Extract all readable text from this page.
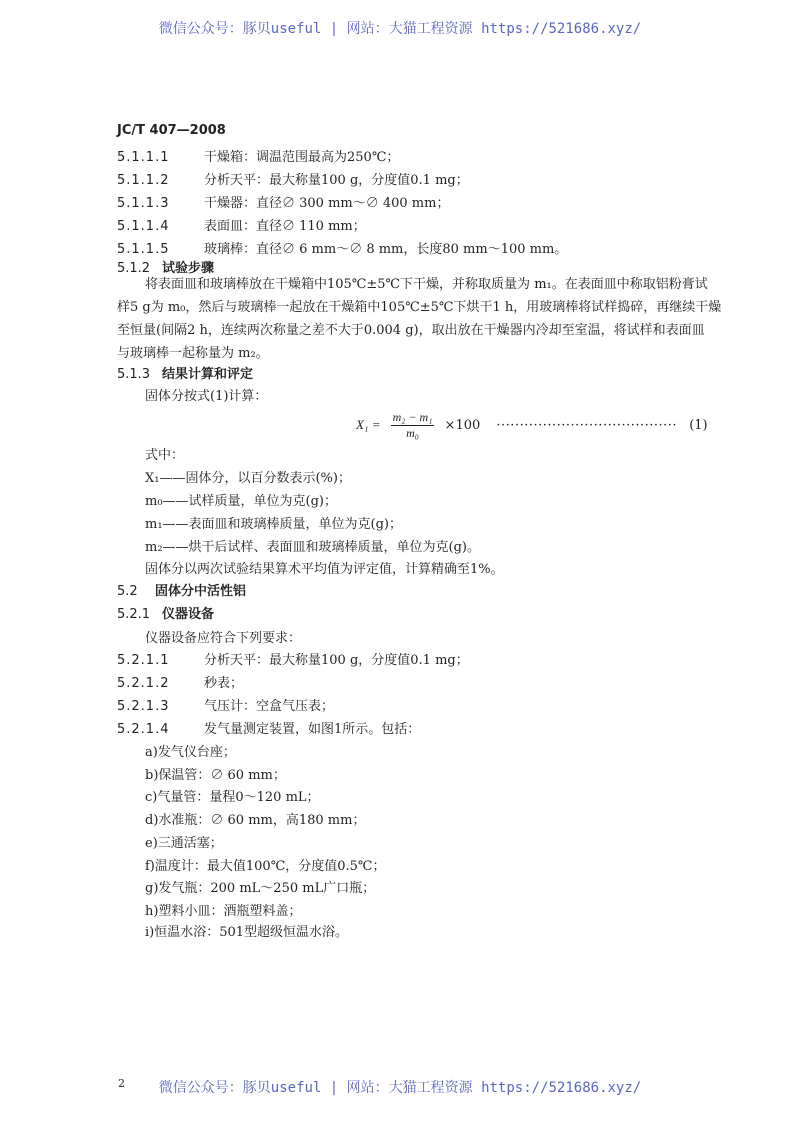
微信公众号：豚贝useful | 网站：大猫工程资源 https://521686.xyz/
JC/T 407—2008
5.1.1.1	干燥箱：调温范围最高为250℃；
5.1.1.2	分析天平：最大称量100 g，分度值0.1 mg；
5.1.1.3	干燥器：直径∅ 300 mm～∅ 400 mm；
5.1.1.4	表面皿：直径∅ 110 mm；
5.1.1.5	玻璃棒：直径∅ 6 mm～∅ 8 mm，长度80 mm～100 mm。
5.1.2 试验步骤
将表面皿和玻璃棒放在干燥箱中105℃±5℃下干燥，并称取质量为 m₁。在表面皿中称取铝粉膏试
样5 g为 m₀，然后与玻璃棒一起放在干燥箱中105℃±5℃下烘干1 h，用玻璃棒将试样捣碎，再继续干燥
至恒量(间隔2 h，连续两次称量之差不大于0.004 g)，取出放在干燥器内冷却至室温，将试样和表面皿
与玻璃棒一起称量为 m₂。
5.1.3 结果计算和评定
固体分按式(1)计算：
$X_1 = \frac{\text{m₂ − m₁}}{\text{m₀}} \times 100$ ······································· (1)
式中：
X₁——固体分，以百分数表示(%)；
m₀——试样质量，单位为克(g)；
m₁——表面皿和玻璃棒质量，单位为克(g)；
m₂——烘干后试样、表面皿和玻璃棒质量，单位为克(g)。
固体分以两次试验结果算术平均值为评定值，计算精确至1%。
5.2 固体分中活性铝
5.2.1 仪器设备
仪器设备应符合下列要求：
5.2.1.1	分析天平：最大称量100 g，分度值0.1 mg；
5.2.1.2	秒表；
5.2.1.3	气压计：空盒气压表；
5.2.1.4	发气量测定装置，如图1所示。包括：
a)发气仪台座；
b)保温管：∅ 60 mm；
c)气量管：量程0～120 mL；
d)水准瓶：∅ 60 mm，高180 mm；
e)三通活塞；
f)温度计：最大值100℃，分度值0.5℃；
g)发气瓶：200 mL～250 mL广口瓶；
h)塑料小皿：酒瓶塑料盖；
i)恒温水浴：501型超级恒温水浴。
2	微信公众号：豚贝useful | 网站：大猫工程资源 https://521686.xyz/
